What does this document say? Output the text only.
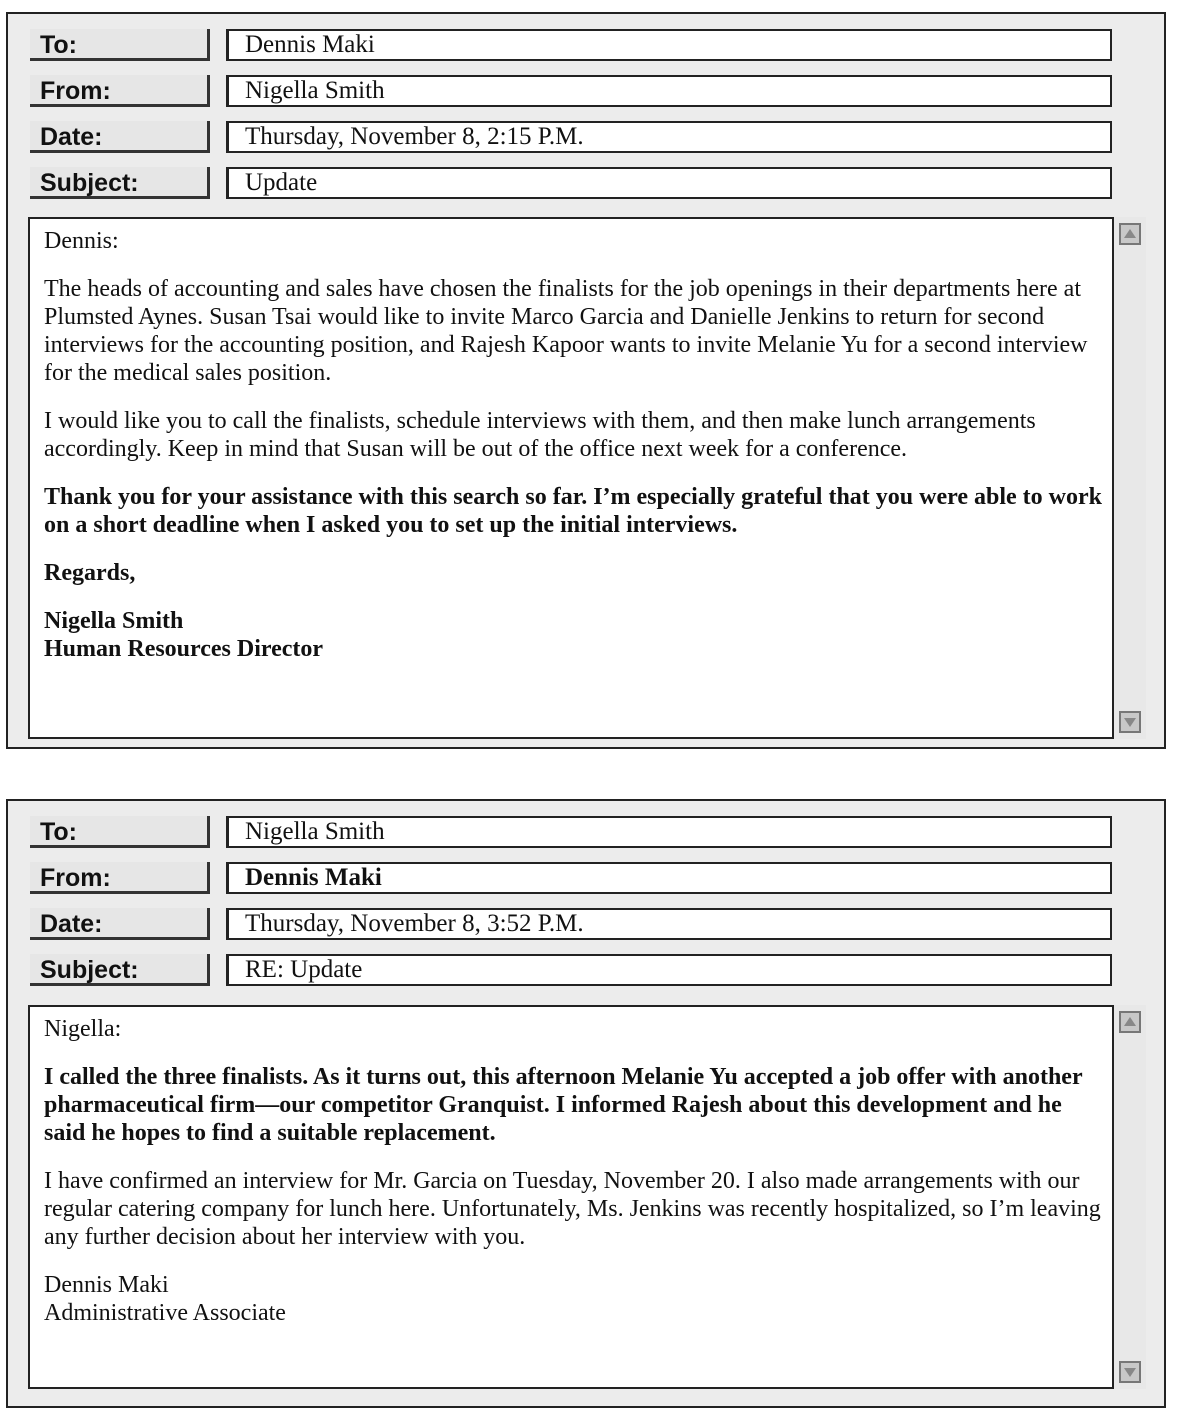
To:	Dennis Maki
From:	Nigella Smith
Date:	Thursday, November 8, 2:15 P.M.
Subject:	Update

Dennis:

The heads of accounting and sales have chosen the finalists for the job openings in their departments here at Plumsted Aynes. Susan Tsai would like to invite Marco Garcia and Danielle Jenkins to return for second interviews for the accounting position, and Rajesh Kapoor wants to invite Melanie Yu for a second interview for the medical sales position.

I would like you to call the finalists, schedule interviews with them, and then make lunch arrangements accordingly. Keep in mind that Susan will be out of the office next week for a conference.

Thank you for your assistance with this search so far. I’m especially grateful that you were able to work on a short deadline when I asked you to set up the initial interviews.

Regards,

Nigella Smith

Human Resources Director

To:	Nigella Smith
From:	Dennis Maki
Date:	Thursday, November 8, 3:52 P.M.
Subject:	RE: Update

Nigella:

I called the three finalists. As it turns out, this afternoon Melanie Yu accepted a job offer with another pharmaceutical firm—our competitor Granquist. I informed Rajesh about this development and he said he hopes to find a suitable replacement.

I have confirmed an interview for Mr. Garcia on Tuesday, November 20. I also made arrangements with our regular catering company for lunch here. Unfortunately, Ms. Jenkins was recently hospitalized, so I’m leaving any further decision about her interview with you.

Dennis Maki

Administrative Associate
